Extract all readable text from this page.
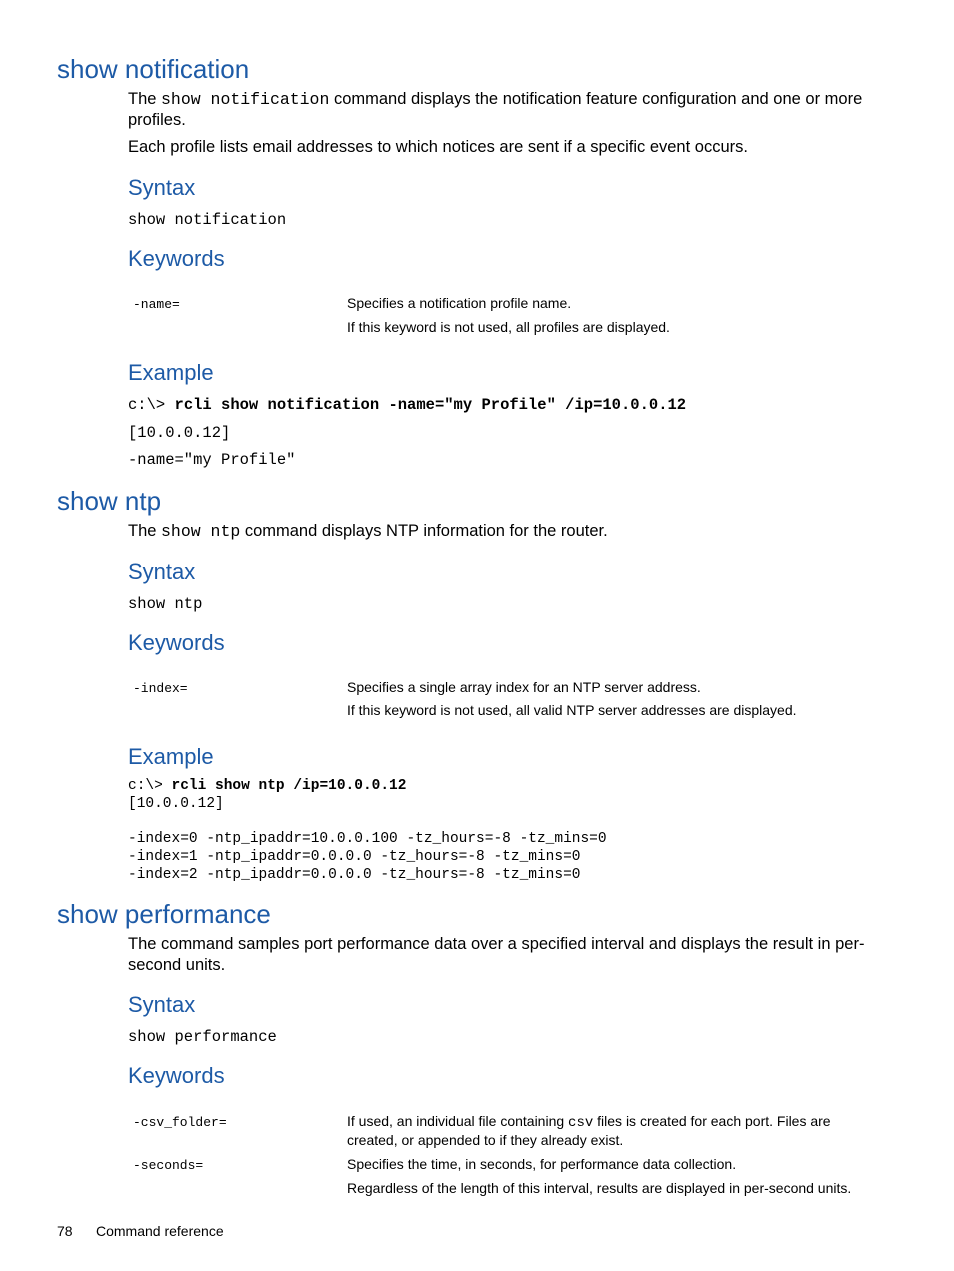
show notification
The show notification command displays the notification feature configuration and one or more profiles.
Each profile lists email addresses to which notices are sent if a specific event occurs.
Syntax
show notification
Keywords
-name=	Specifies a notification profile name.
If this keyword is not used, all profiles are displayed.
Example
c:\> rcli show notification -name="my Profile" /ip=10.0.0.12
[10.0.0.12]
-name="my Profile"
show ntp
The show ntp command displays NTP information for the router.
Syntax
show ntp
Keywords
-index=	Specifies a single array index for an NTP server address.
If this keyword is not used, all valid NTP server addresses are displayed.
Example
c:\> rcli show ntp /ip=10.0.0.12
[10.0.0.12]
-index=0 -ntp_ipaddr=10.0.0.100 -tz_hours=-8 -tz_mins=0
-index=1 -ntp_ipaddr=0.0.0.0 -tz_hours=-8 -tz_mins=0
-index=2 -ntp_ipaddr=0.0.0.0 -tz_hours=-8 -tz_mins=0
show performance
The command samples port performance data over a specified interval and displays the result in per-second units.
Syntax
show performance
Keywords
-csv_folder=	If used, an individual file containing csv files is created for each port. Files are created, or appended to if they already exist.
-seconds=	Specifies the time, in seconds, for performance data collection.
Regardless of the length of this interval, results are displayed in per-second units.
78 Command reference
